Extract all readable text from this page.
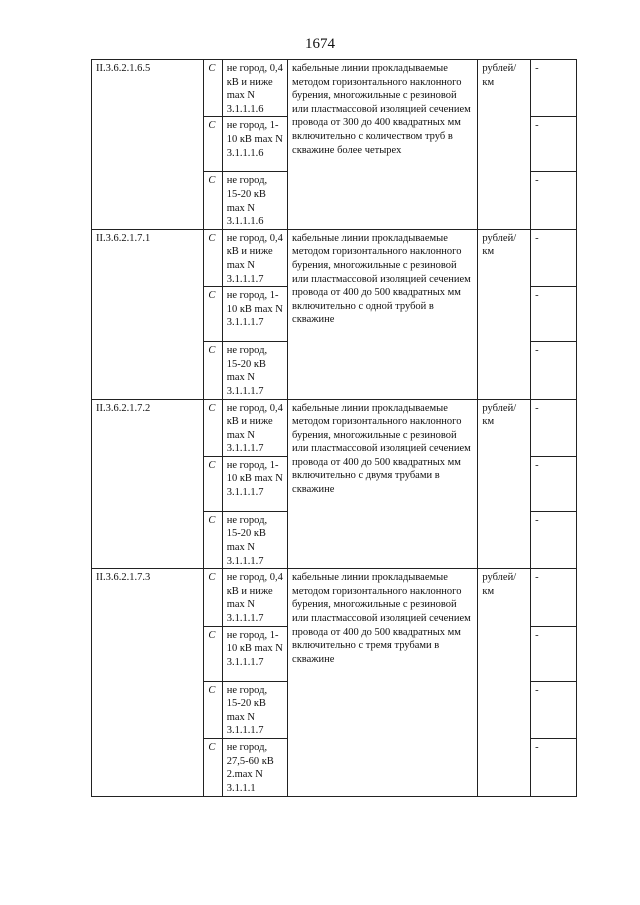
1674
II.3.6.2.1.6.5	С	не город, 0,4 кВ и ниже max N 3.1.1.1.6	кабельные линии прокладываемые методом горизонтального наклонного бурения, многожильные с резиновой или пластмассовой изоляцией сечением провода от 300 до 400 квадратных мм включительно с количеством труб в скважине более четырех	рублей/ км	-
	С	не город, 1-10 кВ max N 3.1.1.1.6			-
	С	не город, 15-20 кВ max N 3.1.1.1.6			-
II.3.6.2.1.7.1	С	не город, 0,4 кВ и ниже max N 3.1.1.1.7	кабельные линии прокладываемые методом горизонтального наклонного бурения, многожильные с резиновой или пластмассовой изоляцией сечением провода от 400 до 500 квадратных мм включительно с одной трубой в скважине	рублей/ км	-
	С	не город, 1-10 кВ max N 3.1.1.1.7			-
	С	не город, 15-20 кВ max N 3.1.1.1.7			-
II.3.6.2.1.7.2	С	не город, 0,4 кВ и ниже max N 3.1.1.1.7	кабельные линии прокладываемые методом горизонтального наклонного бурения, многожильные с резиновой или пластмассовой изоляцией сечением провода от 400 до 500 квадратных мм включительно с двумя трубами в скважине	рублей/ км	-
	С	не город, 1-10 кВ max N 3.1.1.1.7			-
	С	не город, 15-20 кВ max N 3.1.1.1.7			-
II.3.6.2.1.7.3	С	не город, 0,4 кВ и ниже max N 3.1.1.1.7	кабельные линии прокладываемые методом горизонтального наклонного бурения, многожильные с резиновой или пластмассовой изоляцией сечением провода от 400 до 500 квадратных мм включительно с тремя трубами в скважине	рублей/ км	-
	С	не город, 1-10 кВ max N 3.1.1.1.7			-
	С	не город, 15-20 кВ max N 3.1.1.1.7			-
	С	не город, 27,5-60 кВ 2.max N 3.1.1.1			-
